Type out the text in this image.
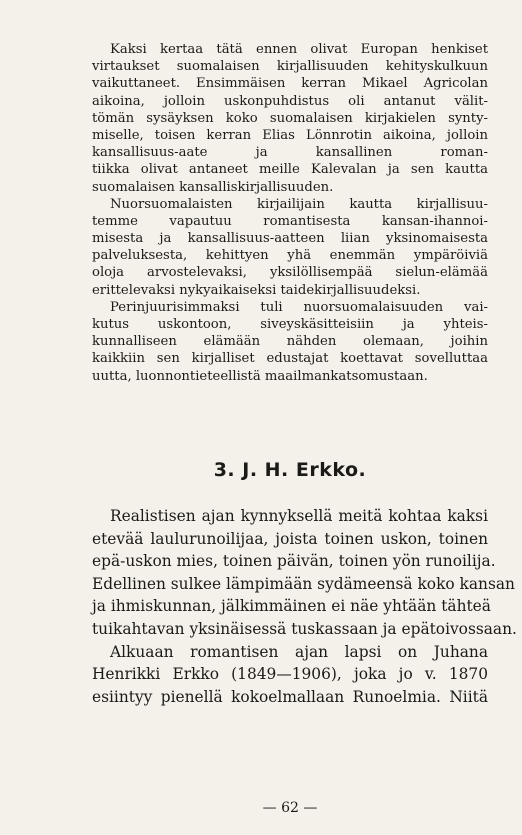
Kaksi kertaa tätä ennen olivat Europan henkiset
virtaukset suomalaisen kirjallisuuden kehityskulkuun
vaikuttaneet. Ensimmäisen kerran Mikael Agricolan
aikoina, jolloin uskonpuhdistus oli antanut välit-
tömän sysäyksen koko suomalaisen kirjakielen synty-
miselle, toisen kerran Elias Lönnrotin aikoina, jolloin
kansallisuus-aate ja kansallinen roman-
tiikka olivat antaneet meille Kalevalan ja sen kautta
suomalaisen kansalliskirjallisuuden.
Nuorsuomalaisten kirjailijain kautta kirjallisuu-
temme vapautuu romantisesta kansan-ihannoi-
misesta ja kansallisuus-aatteen liian yksinomaisesta
palveluksesta, kehittyen yhä enemmän ympäröiviä
oloja arvostelevaksi, yksilöllisempää sielun-elämää
erittelevaksi nykyaikaiseksi taidekirjallisuudeksi.
Perinjuurisimmaksi tuli nuorsuomalaisuuden vai-
kutus uskontoon, siveyskäsitteisiin ja yhteis-
kunnalliseen elämään nähden olemaan, joihin
kaikkiin sen kirjalliset edustajat koettavat sovelluttaa
uutta, luonnontieteellistä maailmankatsomustaan.
3. J. H. Erkko.
Realistisen ajan kynnyksellä meitä kohtaa kaksi
etevää laulurunoilijaa, joista toinen uskon, toinen
epä-uskon mies, toinen päivän, toinen yön runoilija.
Edellinen sulkee lämpimään sydämeensä koko kansan
ja ihmiskunnan, jälkimmäinen ei näe yhtään tähteä
tuikahtavan yksinäisessä tuskassaan ja epätoivossaan.
Alkuaan romantisen ajan lapsi on Juhana
Henrikki Erkko (1849—1906), joka jo v. 1870
esiintyy pienellä kokoelmallaan Runoelmia. Niitä
— 62 —
